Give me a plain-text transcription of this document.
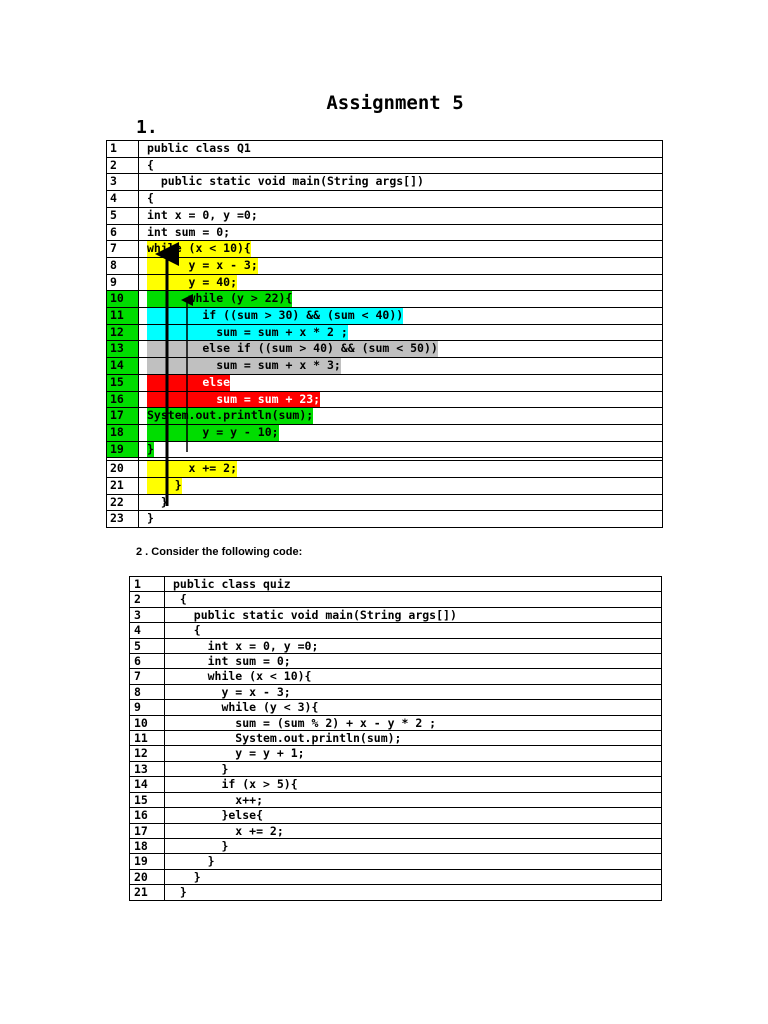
Assignment 5
1.
1	public class Q1
2	{
3	public static void main(String args[])
4	{
5	int x = 0, y =0;
6	int sum = 0;
7	while (x < 10){
8	y = x - 3;
9	y = 40;
10	while (y > 22){
11	if ((sum > 30) && (sum < 40))
12	sum = sum + x * 2 ;
13	else if ((sum > 40) && (sum < 50))
14	sum = sum + x * 3;
15	else
16	sum = sum + 23;
17	System.out.println(sum);
18	y = y - 10;
19	}

20	x += 2;
21	}
22	}
23	}
2 . Consider the following code:
1	public class quiz
2	{
3	public static void main(String args[])
4	{
5	int x = 0, y =0;
6	int sum = 0;
7	while (x < 10){
8	y = x - 3;
9	while (y < 3){
10	sum = (sum % 2) + x - y * 2 ;
11	System.out.println(sum);
12	y = y + 1;
13	}
14	if (x > 5){
15	x++;
16	}else{
17	x += 2;
18	}
19	}
20	}
21	}
